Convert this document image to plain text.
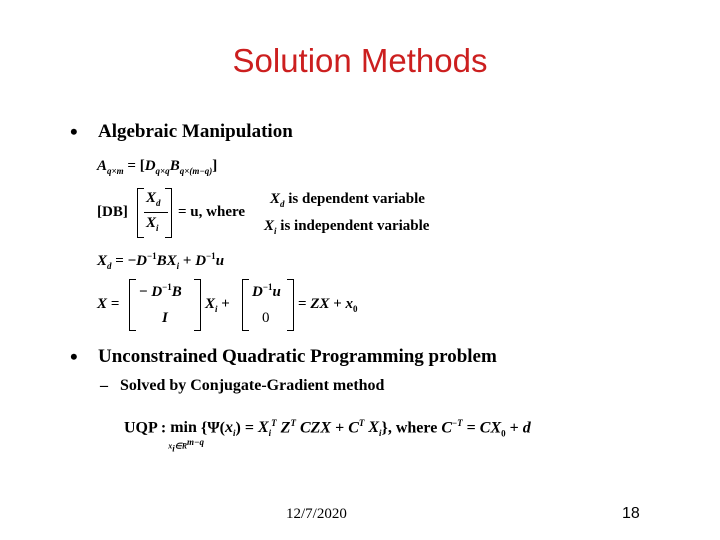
Solution Methods
• Algebraic Manipulation
$A_{q\times m} = [D_{q\times q}B_{q\times(m-q)}]$
[DB]
$X_d$
$X_i$
= u, where
$X_d$ is dependent variable
$X_i$ is independent variable
$X_d = -D^{-1}BX_i + D^{-1}u$
X =
− $D^{-1}B$
I
$X_i$ +
$D^{-1}u$
0
= ZX + $x_0$
• Unconstrained Quadratic Programming problem
– Solved by Conjugate-Gradient method
UQP : min
$x_i\in R^{m-q}$
{$\Psi(x_i) = X_i^T$ $Z^T$ CZX + $C^T$ $X_i$}, where $C^{-T} = CX_0 + d$
12/7/2020	18
